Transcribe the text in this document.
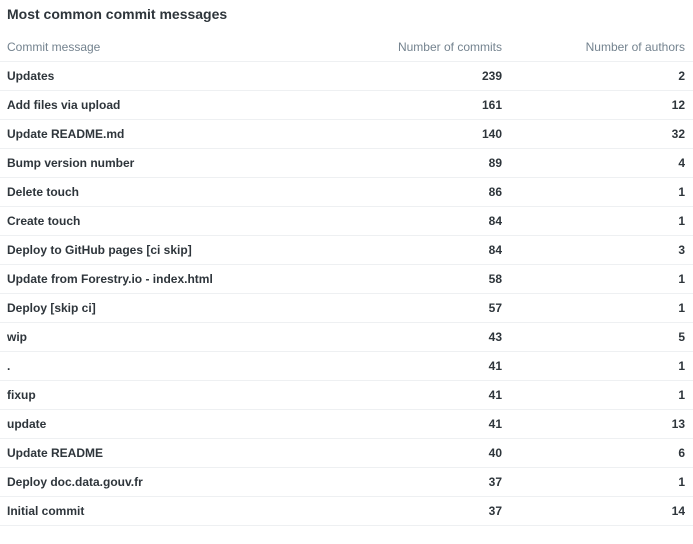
Most common commit messages
Commit message	Number of commits	Number of authors
Updates	239	2
Add files via upload	161	12
Update README.md	140	32
Bump version number	89	4
Delete touch	86	1
Create touch	84	1
Deploy to GitHub pages [ci skip]	84	3
Update from Forestry.io - index.html	58	1
Deploy [skip ci]	57	1
wip	43	5
.	41	1
fixup	41	1
update	41	13
Update README	40	6
Deploy doc.data.gouv.fr	37	1
Initial commit	37	14
